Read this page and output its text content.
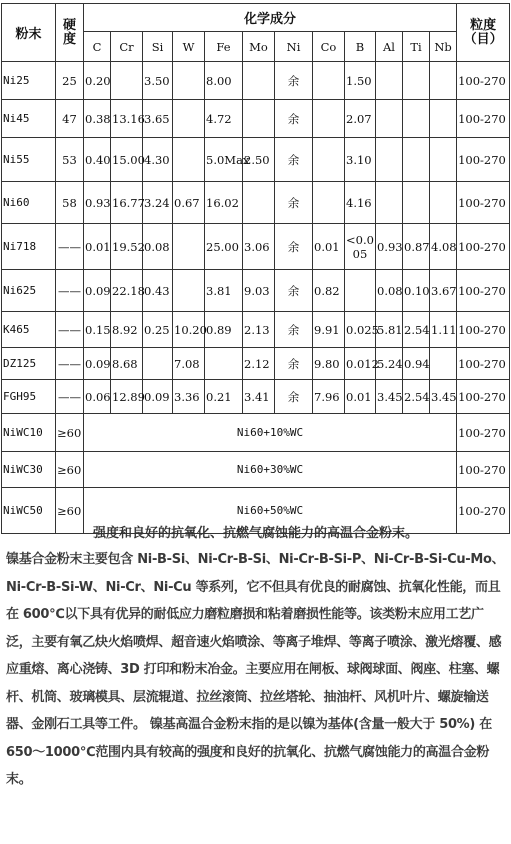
粉末	硬度	化学成分												粒度（目）
		C	Cr	Si	W	Fe	Mo	Ni	Co	B	Al	Ti	Nb	
Ni25	25	0.20		3.50		8.00		余		1.50				100-270
Ni45	47	0.38	13.16	3.65		4.72		余		2.07				100-270
Ni55	53	0.40	15.00	4.30		5.0Max	2.50	余		3.10				100-270
Ni60	58	0.93	16.77	3.24	0.67	16.02		余		4.16				100-270
Ni718	——	0.01	19.52	0.08		25.00	3.06	余	0.01	<0.005	0.93	0.87	4.08	100-270
Ni625	——	0.09	22.18	0.43		3.81	9.03	余	0.82		0.08	0.10	3.67	100-270
K465	——	0.15	8.92	0.25	10.20	0.89	2.13	余	9.91	0.025	5.81	2.54	1.11	100-270
DZ125	——	0.09	8.68		7.08		2.12	余	9.80	0.012	5.24	0.94		100-270
FGH95	——	0.06	12.89	0.09	3.36	0.21	3.41	余	7.96	0.01	3.45	2.54	3.45	100-270
NiWC10	≥60	Ni60+10%WC												100-270
NiWC30	≥60	Ni60+30%WC												100-270
NiWC50	≥60	Ni60+50%WC												100-270
强度和良好的抗氧化、抗燃气腐蚀能力的高温合金粉末。

镍基合金粉末主要包含 Ni-B-Si、Ni-Cr-B-Si、Ni-Cr-B-Si-P、Ni-Cr-B-Si-Cu-Mo、Ni-Cr-B-Si-W、Ni-Cr、Ni-Cu 等系列，它不但具有优良的耐腐蚀、抗氧化性能，而且在 600℃以下具有优异的耐低应力磨粒磨损和粘着磨损性能等。该类粉末应用工艺广泛，主要有氧乙炔火焰喷焊、超音速火焰喷涂、等离子堆焊、等离子喷涂、激光熔覆、感应重熔、离心浇铸、3D 打印和粉末冶金。主要应用在闸板、球阀球面、阀座、柱塞、螺杆、机筒、玻璃模具、层流辊道、拉丝滚筒、拉丝塔轮、抽油杆、风机叶片、螺旋输送器、金刚石工具等工件。 镍基高温合金粉末指的是以镍为基体(含量一般大于 50%) 在 650～1000℃范围内具有较高的强度和良好的抗氧化、抗燃气腐蚀能力的高温合金粉末。
